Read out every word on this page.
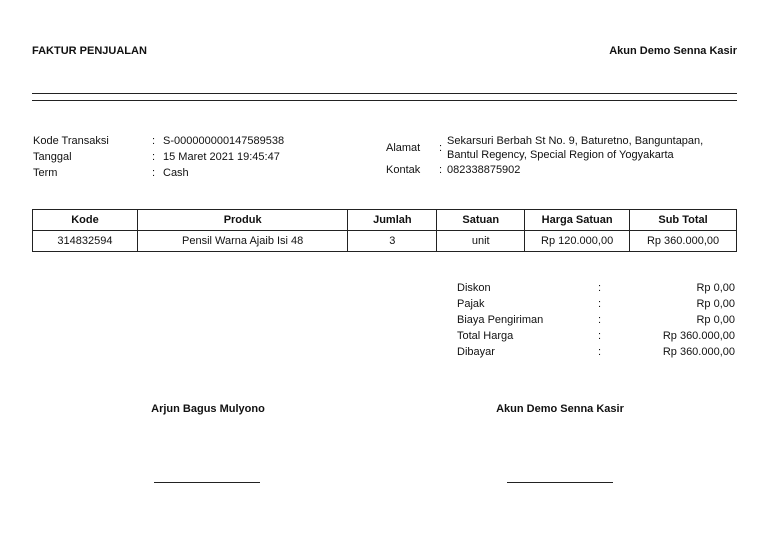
FAKTUR PENJUALAN	Akun Demo Senna Kasir
Kode Transaksi	: S-000000000147589538
Tanggal	: 15 Maret 2021 19:45:47
Term	: Cash
Alamat :
Sekarsuri Berbah St No. 9, Baturetno, Banguntapan,
Bantul Regency, Special Region of Yogyakarta
Kontak : 082338875902
Kode	Produk	Jumlah	Satuan	Harga Satuan	Sub Total
314832594	Pensil Warna Ajaib Isi 48	3	unit	Rp 120.000,00	Rp 360.000,00
Diskon	:	Rp 0,00
Pajak	:	Rp 0,00
Biaya Pengiriman	:	Rp 0,00
Total Harga	:	Rp 360.000,00
Dibayar	:	Rp 360.000,00
Arjun Bagus Mulyono	Akun Demo Senna Kasir
